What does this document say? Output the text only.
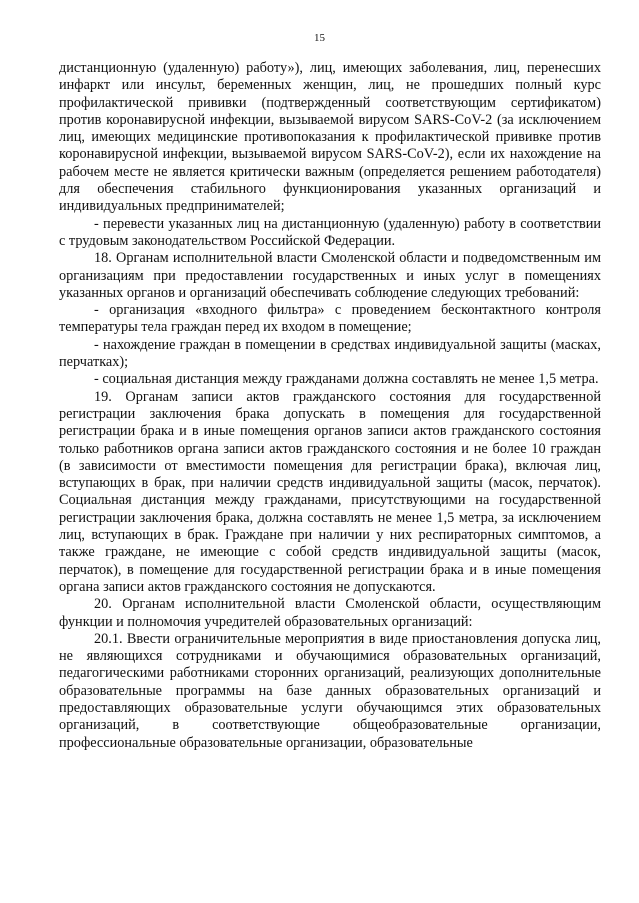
15

дистанционную (удаленную) работу»), лиц, имеющих заболевания, лиц, перенесших инфаркт или инсульт, беременных женщин, лиц, не прошедших полный курс профилактической прививки (подтвержденный соответствующим сертификатом) против коронавирусной инфекции, вызываемой вирусом SARS-CoV-2 (за исключением лиц, имеющих медицинские противопоказания к профилактической прививке против коронавирусной инфекции, вызываемой вирусом SARS-CoV-2), если их нахождение на рабочем месте не является критически важным (определяется решением работодателя) для обеспечения стабильного функционирования указанных организаций и индивидуальных предпринимателей;

- перевести указанных лиц на дистанционную (удаленную) работу в соответствии с трудовым законодательством Российской Федерации.

18. Органам исполнительной власти Смоленской области и подведомственным им организациям при предоставлении государственных и иных услуг в помещениях указанных органов и организаций обеспечивать соблюдение следующих требований:

- организация «входного фильтра» с проведением бесконтактного контроля температуры тела граждан перед их входом в помещение;

- нахождение граждан в помещении в средствах индивидуальной защиты (масках, перчатках);

- социальная дистанция между гражданами должна составлять не менее 1,5 метра.

19. Органам записи актов гражданского состояния для государственной регистрации заключения брака допускать в помещения для государственной регистрации брака и в иные помещения органов записи актов гражданского состояния только работников органа записи актов гражданского состояния и не более 10 граждан (в зависимости от вместимости помещения для регистрации брака), включая лиц, вступающих в брак, при наличии средств индивидуальной защиты (масок, перчаток). Социальная дистанция между гражданами, присутствующими на государственной регистрации заключения брака, должна составлять не менее 1,5 метра, за исключением лиц, вступающих в брак. Граждане при наличии у них респираторных симптомов, а также граждане, не имеющие с собой средств индивидуальной защиты (масок, перчаток), в помещение для государственной регистрации брака и в иные помещения органа записи актов гражданского состояния не допускаются.

20. Органам исполнительной власти Смоленской области, осуществляющим функции и полномочия учредителей образовательных организаций:

20.1. Ввести ограничительные мероприятия в виде приостановления допуска лиц, не являющихся сотрудниками и обучающимися образовательных организаций, педагогическими работниками сторонних организаций, реализующих дополнительные образовательные программы на базе данных образовательных организаций и предоставляющих образовательные услуги обучающимся этих образовательных организаций, в соответствующие общеобразовательные организации, профессиональные образовательные организации, образовательные
